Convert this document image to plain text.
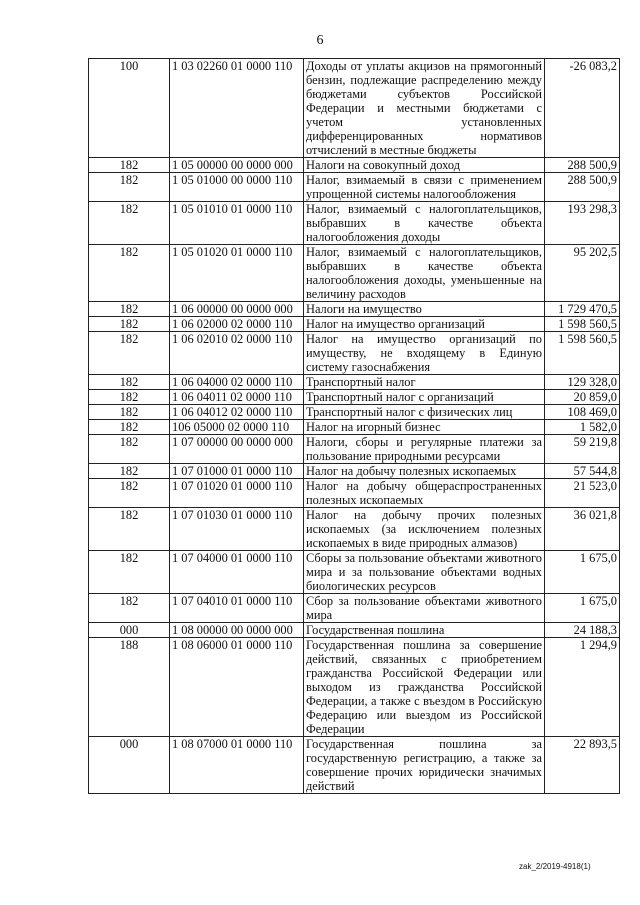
6
100	1 03 02260 01 0000 110	Доходы от уплаты акцизов на прямогонный бензин, подлежащие распределению между бюджетами субъектов Российской Федерации и местными бюджетами с учетом установленных дифференцированных нормативов отчислений в местные бюджеты	-26 083,2
182	1 05 00000 00 0000 000	Налоги на совокупный доход	288 500,9
182	1 05 01000 00 0000 110	Налог, взимаемый в связи с применением упрощенной системы налогообложения	288 500,9
182	1 05 01010 01 0000 110	Налог, взимаемый с налогоплательщиков, выбравших в качестве объекта налогообложения доходы	193 298,3
182	1 05 01020 01 0000 110	Налог, взимаемый с налогоплательщиков, выбравших в качестве объекта налогообложения доходы, уменьшенные на величину расходов	95 202,5
182	1 06 00000 00 0000 000	Налоги на имущество	1 729 470,5
182	1 06 02000 02 0000 110	Налог на имущество организаций	1 598 560,5
182	1 06 02010 02 0000 110	Налог на имущество организаций по имуществу, не входящему в Единую систему газоснабжения	1 598 560,5
182	1 06 04000 02 0000 110	Транспортный налог	129 328,0
182	1 06 04011 02 0000 110	Транспортный налог с организаций	20 859,0
182	1 06 04012 02 0000 110	Транспортный налог с физических лиц	108 469,0
182	106 05000 02 0000 110	Налог на игорный бизнес	1 582,0
182	1 07 00000 00 0000 000	Налоги, сборы и регулярные платежи за пользование природными ресурсами	59 219,8
182	1 07 01000 01 0000 110	Налог на добычу полезных ископаемых	57 544,8
182	1 07 01020 01 0000 110	Налог на добычу общераспространенных полезных ископаемых	21 523,0
182	1 07 01030 01 0000 110	Налог на добычу прочих полезных ископаемых (за исключением полезных ископаемых в виде природных алмазов)	36 021,8
182	1 07 04000 01 0000 110	Сборы за пользование объектами животного мира и за пользование объектами водных биологических ресурсов	1 675,0
182	1 07 04010 01 0000 110	Сбор за пользование объектами животного мира	1 675,0
000	1 08 00000 00 0000 000	Государственная пошлина	24 188,3
188	1 08 06000 01 0000 110	Государственная пошлина за совершение действий, связанных с приобретением гражданства Российской Федерации или выходом из гражданства Российской Федерации, а также с въездом в Российскую Федерацию или выездом из Российской Федерации	1 294,9
000	1 08 07000 01 0000 110	Государственная пошлина за государственную регистрацию, а также за совершение прочих юридически значимых действий	22 893,5
zak_2/2019-4918(1)
